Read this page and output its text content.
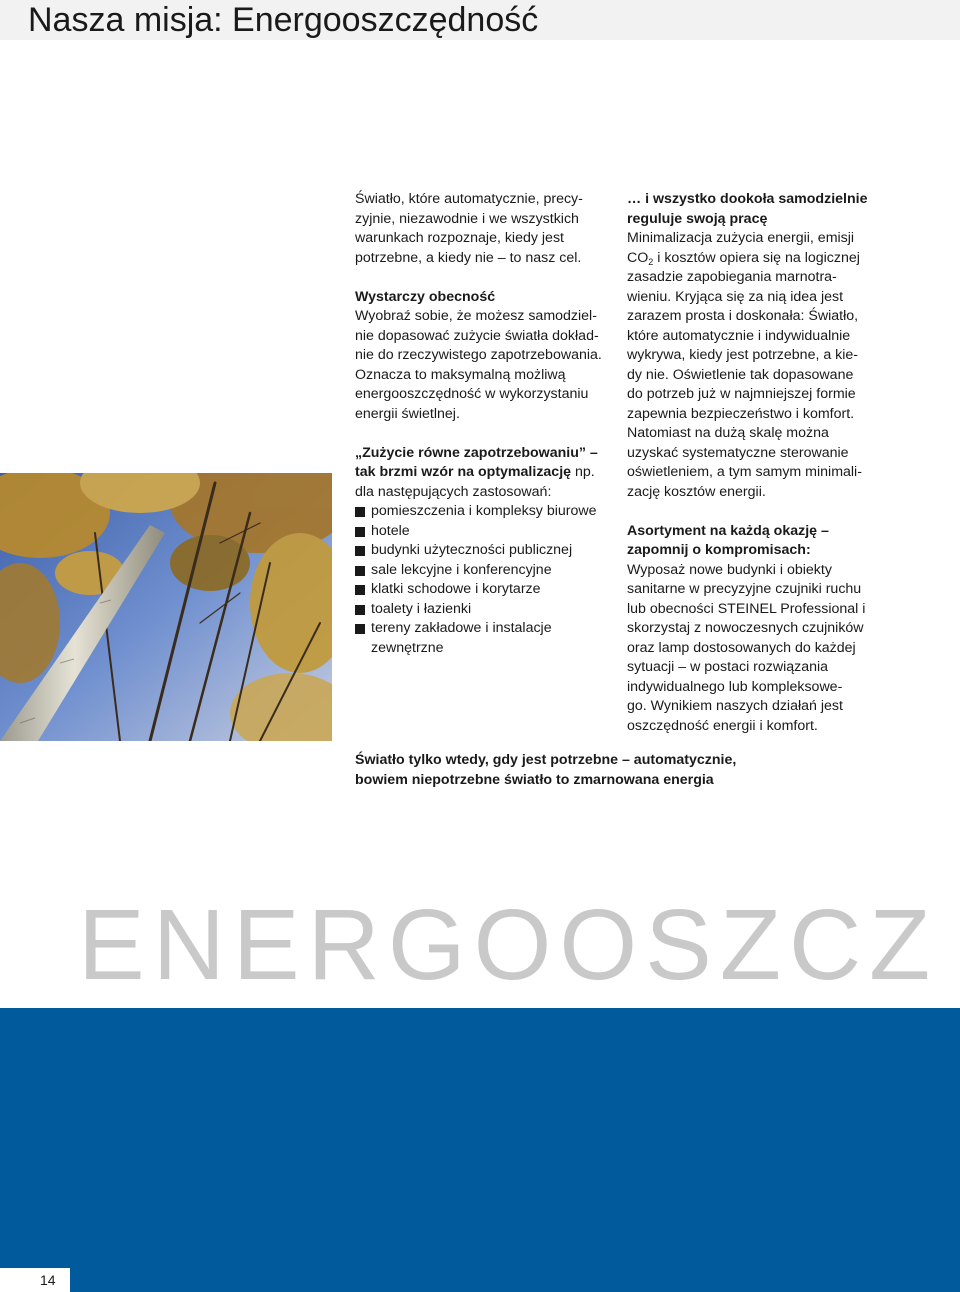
Nasza misja: Energooszczędność
Światło, które automatycznie, precy-
zyjnie, niezawodnie i we wszystkich
warunkach rozpoznaje, kiedy jest
potrzebne, a kiedy nie – to nasz cel.
Wystarczy obecność
Wyobraź sobie, że możesz samodziel-
nie dopasować zużycie światła dokład-
nie do rzeczywistego zapotrzebowania.
Oznacza to maksymalną możliwą
energooszczędność w wykorzystaniu
energii świetlnej.
„Zużycie równe zapotrzebowaniu” –
tak brzmi wzór na optymalizację np.
dla następujących zastosowań:
pomieszczenia i kompleksy biurowe
hotele
budynki użyteczności publicznej
sale lekcyjne i konferencyjne
klatki schodowe i korytarze
toalety i łazienki
tereny zakładowe i instalacje
zewnętrzne
… i wszystko dookoła samodzielnie
reguluje swoją pracę
Minimalizacja zużycia energii, emisji
$CO_2$ i kosztów opiera się na logicznej
zasadzie zapobiegania marnotra-
wieniu. Kryjąca się za nią idea jest
zarazem prosta i doskonała: Światło,
które automatycznie i indywidualnie
wykrywa, kiedy jest potrzebne, a kie-
dy nie. Oświetlenie tak dopasowane
do potrzeb już w najmniejszej formie
zapewnia bezpieczeństwo i komfort.
Natomiast na dużą skalę można
uzyskać systematyczne sterowanie
oświetleniem, a tym samym minimali-
zację kosztów energii.
Asortyment na każdą okazję –
zapomnij o kompromisach:
Wyposaż nowe budynki i obiekty
sanitarne w precyzyjne czujniki ruchu
lub obecności STEINEL Professional i
skorzystaj z nowoczesnych czujników
oraz lamp dostosowanych do każdej
sytuacji – w postaci rozwiązania
indywidualnego lub kompleksowe-
go. Wynikiem naszych działań jest
oszczędność energii i komfort.
Światło tylko wtedy, gdy jest potrzebne – automatycznie,
bowiem niepotrzebne światło to zmarnowana energia
ENERGOOSZCZ
14
